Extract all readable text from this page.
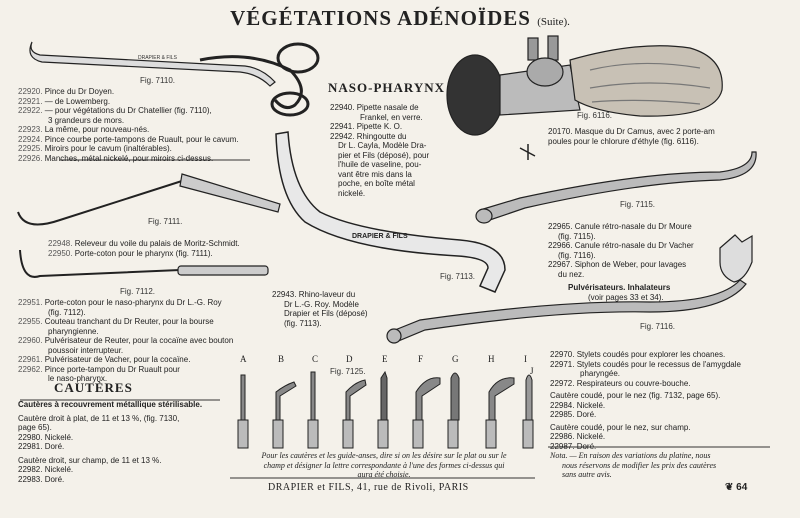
VÉGÉTATIONS ADÉNOÏDES (Suite).
Fig. 7110.
Fig. 7111.
Fig. 7112.
Fig. 7113.
Fig. 6116.
Fig. 7115.
Fig. 7116.
Fig. 7125.
DRAPIER & FILS
DRAPIER & FILS
22920. Pince du Dr Doyen.
22921. — de Lowemberg.
22922. — pour végétations du Dr Chatellier (fig. 7110),
3 grandeurs de mors.
22923. La même, pour nouveau-nés.
22924. Pince courbe porte-tampons de Ruault, pour le cavum.
22925. Miroirs pour le cavum (inaltérables).
22926. Manches, métal nickelé, pour miroirs ci-dessus.
22948. Releveur du voile du palais de Moritz-Schmidt.
22950. Porte-coton pour le pharynx (fig. 7111).
22951. Porte-coton pour le naso-pharynx du Dr L.-G. Roy
(fig. 7112).
22955. Couteau tranchant du Dr Reuter, pour la bourse
pharyngienne.
22960. Pulvérisateur de Reuter, pour la cocaïne avec bouton
poussoir interrupteur.
22961. Pulvérisateur de Vacher, pour la cocaïne.
22962. Pince porte-tampon du Dr Ruault pour
le naso-pharynx.
CAUTÈRES
Cautères à recouvrement métallique stérilisable.
Cautère droit à plat, de 11 et 13 %, (fig. 7130,
page 65).
22980. Nickelé.
22981. Doré.
Cautère droit, sur champ, de 11 et 13 %.
22982. Nickelé.
22983. Doré.
NASO-PHARYNX
22940. Pipette nasale de
Frankel, en verre.
22941. Pipette K. O.
22942. Rhingoutte du
Dr L. Cayla, Modèle Dra-
pier et Fils (déposé), pour
l'huile de vaseline, pou-
vant être mis dans la
poche, en boîte métal
nickelé.
22943. Rhino-laveur du
Dr L.-G. Roy. Modèle
Drapier et Fils (déposé)
(fig. 7113).
20170. Masque du Dr Camus, avec 2 porte-am
poules pour le chlorure d'éthyle (fig. 6116).
22965. Canule rétro-nasale du Dr Moure
(fig. 7115).
22966. Canule rétro-nasale du Dr Vacher
(fig. 7116).
22967. Siphon de Weber, pour lavages
du nez.
Pulvérisateurs. Inhalateurs
(voir pages 33 et 34).
22970. Stylets coudés pour explorer les choanes.
22971. Stylets coudés pour le recessus de l'amygdale
pharyngée.
22972. Respirateurs ou couvre-bouche.
Cautère coudé, pour le nez (fig. 7132, page 65).
22984. Nickelé.
22985. Doré.
Cautère coudé, pour le nez, sur champ.
22986. Nickelé.
22987. Doré.
A	B	C	D	E	F	G	H	I
J
Pour les cautères et les guide-anses, dire si on les désire sur le plat ou sur le
champ et désigner la lettre correspondante à l'une des formes ci-dessus qui
aura été choisie.
Nota. — En raison des variations du platine, nous
nous réservons de modifier les prix des cautères
sans autre avis.
DRAPIER et FILS, 41, rue de Rivoli, PARIS	❦ 64
